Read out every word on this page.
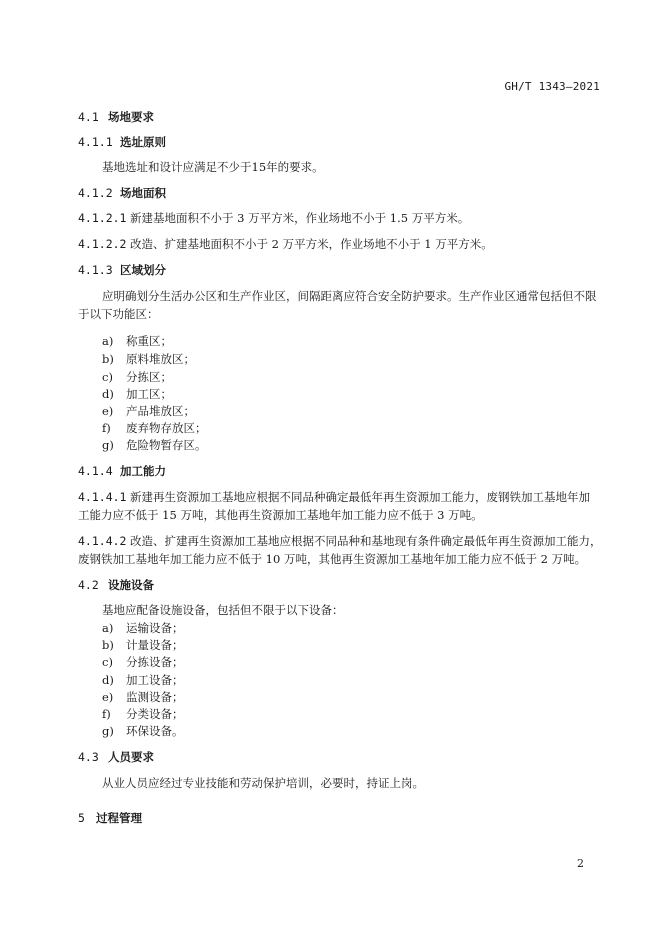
GH/T 1343—2021
4.1 场地要求
4.1.1 选址原则
基地选址和设计应满足不少于15年的要求。
4.1.2 场地面积
4.1.2.1 新建基地面积不小于 3 万平方米，作业场地不小于 1.5 万平方米。
4.1.2.2 改造、扩建基地面积不小于 2 万平方米，作业场地不小于 1 万平方米。
4.1.3 区域划分
应明确划分生活办公区和生产作业区，间隔距离应符合安全防护要求。生产作业区通常包括但不限
于以下功能区：
a) 称重区；
b) 原料堆放区；
c) 分拣区；
d) 加工区；
e) 产品堆放区；
f) 废弃物存放区；
g) 危险物暂存区。
4.1.4 加工能力
4.1.4.1 新建再生资源加工基地应根据不同品种确定最低年再生资源加工能力，废钢铁加工基地年加
工能力应不低于 15 万吨，其他再生资源加工基地年加工能力应不低于 3 万吨。
4.1.4.2 改造、扩建再生资源加工基地应根据不同品种和基地现有条件确定最低年再生资源加工能力，
废钢铁加工基地年加工能力应不低于 10 万吨，其他再生资源加工基地年加工能力应不低于 2 万吨。
4.2 设施设备
基地应配备设施设备，包括但不限于以下设备：
a) 运输设备；
b) 计量设备；
c) 分拣设备；
d) 加工设备；
e) 监测设备；
f) 分类设备；
g) 环保设备。
4.3 人员要求
从业人员应经过专业技能和劳动保护培训，必要时，持证上岗。
5 过程管理
2
